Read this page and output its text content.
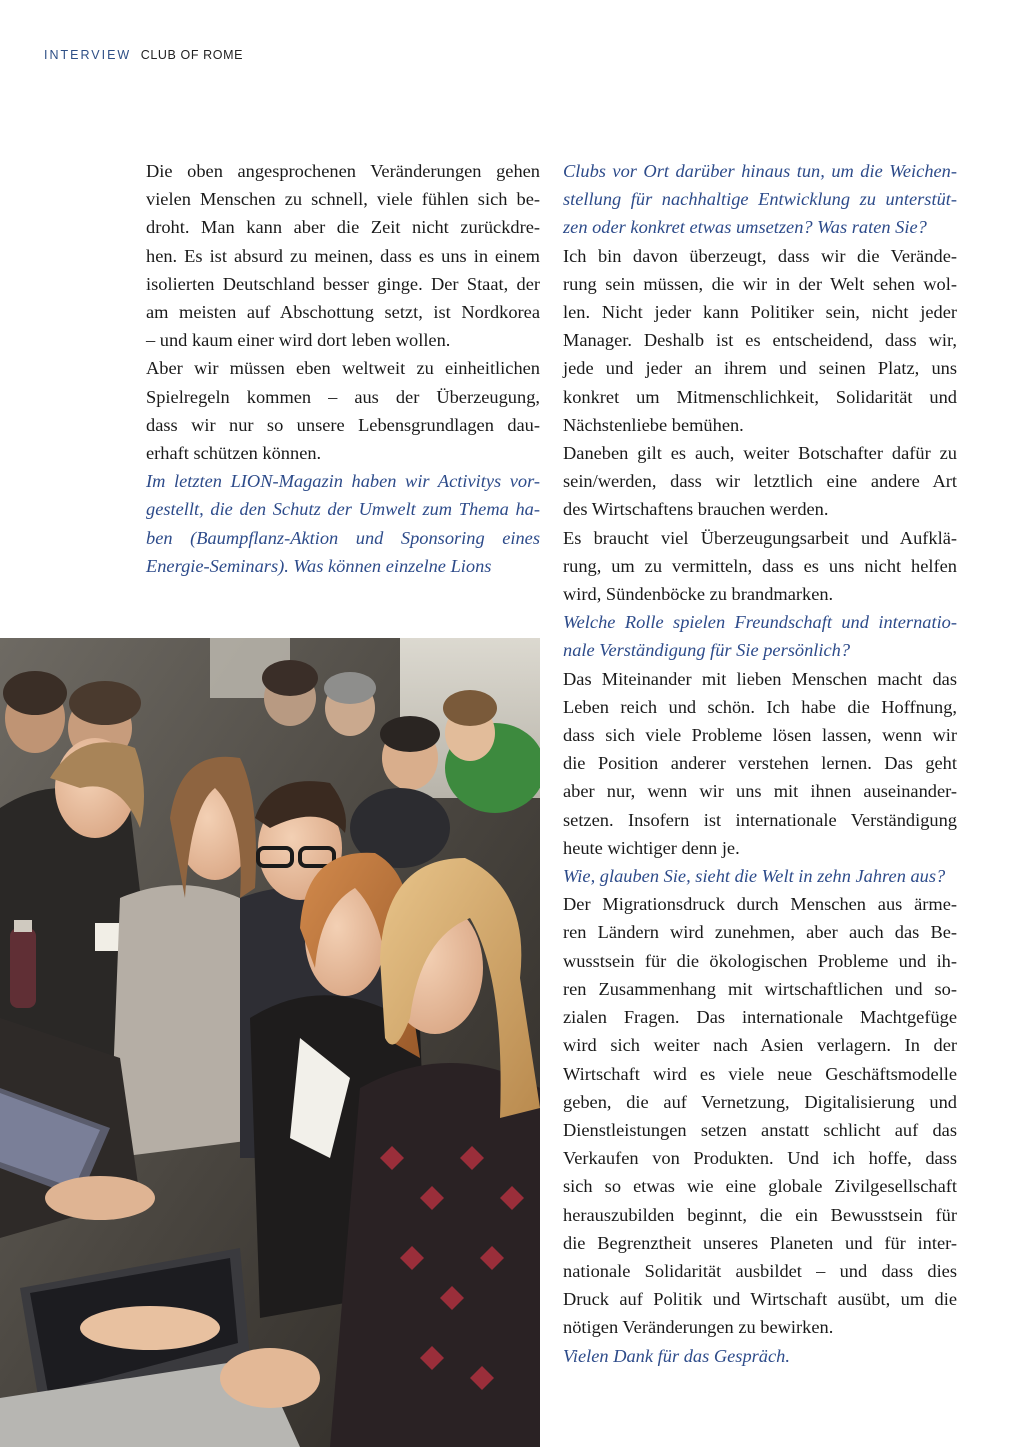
INTERVIEW CLUB OF ROME

Die oben angesprochenen Veränderungen gehen
vielen Menschen zu schnell, viele fühlen sich be-
droht. Man kann aber die Zeit nicht zurückdre-
hen. Es ist absurd zu meinen, dass es uns in einem
isolierten Deutschland besser ginge. Der Staat, der
am meisten auf Abschottung setzt, ist Nordkorea
– und kaum einer wird dort leben wollen.

Aber wir müssen eben weltweit zu einheitlichen
Spielregeln kommen – aus der Überzeugung,
dass wir nur so unsere Lebensgrundlagen dau-
erhaft schützen können.

Im letzten LION-Magazin haben wir Activitys vor-
gestellt, die den Schutz der Umwelt zum Thema ha-
ben (Baumpflanz-Aktion und Sponsoring eines
Energie-Seminars). Was können einzelne Lions

Clubs vor Ort darüber hinaus tun, um die Weichen-
stellung für nachhaltige Entwicklung zu unterstüt-
zen oder konkret etwas umsetzen? Was raten Sie?

Ich bin davon überzeugt, dass wir die Verände-
rung sein müssen, die wir in der Welt sehen wol-
len. Nicht jeder kann Politiker sein, nicht jeder
Manager. Deshalb ist es entscheidend, dass wir,
jede und jeder an ihrem und seinen Platz, uns
konkret um Mitmenschlichkeit, Solidarität und
Nächstenliebe bemühen.

Daneben gilt es auch, weiter Botschafter dafür zu
sein/werden, dass wir letztlich eine andere Art
des Wirtschaftens brauchen werden.

Es braucht viel Überzeugungsarbeit und Aufklä-
rung, um zu vermitteln, dass es uns nicht helfen
wird, Sündenböcke zu brandmarken.

Welche Rolle spielen Freundschaft und internatio-
nale Verständigung für Sie persönlich?

Das Miteinander mit lieben Menschen macht das
Leben reich und schön. Ich habe die Hoffnung,
dass sich viele Probleme lösen lassen, wenn wir
die Position anderer verstehen lernen. Das geht
aber nur, wenn wir uns mit ihnen auseinander-
setzen. Insofern ist internationale Verständigung
heute wichtiger denn je.

Wie, glauben Sie, sieht die Welt in zehn Jahren aus?

Der Migrationsdruck durch Menschen aus ärme-
ren Ländern wird zunehmen, aber auch das Be-
wusstsein für die ökologischen Probleme und ih-
ren Zusammenhang mit wirtschaftlichen und so-
zialen Fragen. Das internationale Machtgefüge
wird sich weiter nach Asien verlagern. In der
Wirtschaft wird es viele neue Geschäftsmodelle
geben, die auf Vernetzung, Digitalisierung und
Dienstleistungen setzen anstatt schlicht auf das
Verkaufen von Produkten. Und ich hoffe, dass
sich so etwas wie eine globale Zivilgesellschaft
herauszubilden beginnt, die ein Bewusstsein für
die Begrenztheit unseres Planeten und für inter-
nationale Solidarität ausbildet – und dass dies
Druck auf Politik und Wirtschaft ausübt, um die
nötigen Veränderungen zu bewirken.

Vielen Dank für das Gespräch.
